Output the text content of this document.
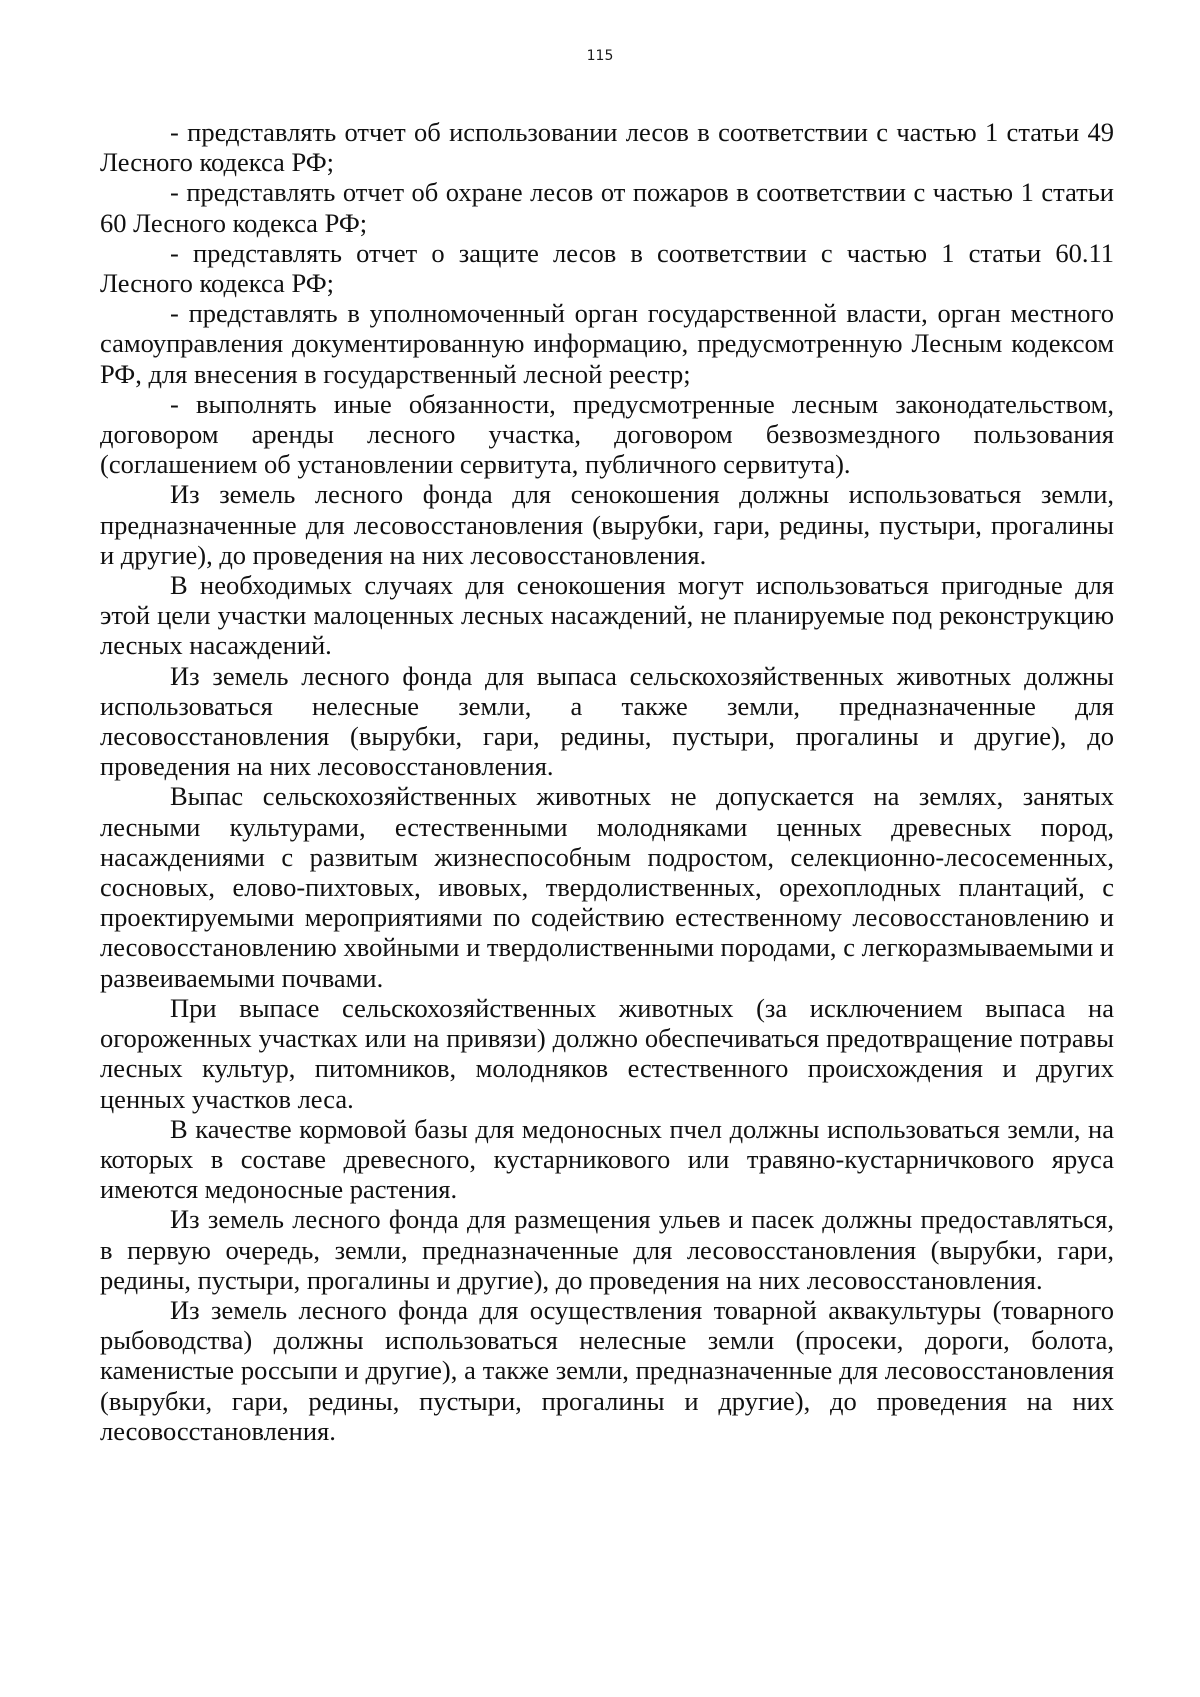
115

- представлять отчет об использовании лесов в соответствии с частью 1 статьи 49 Лесного кодекса РФ;

- представлять отчет об охране лесов от пожаров в соответствии с частью 1 статьи 60 Лесного кодекса РФ;

- представлять отчет о защите лесов в соответствии с частью 1 статьи 60.11 Лесного кодекса РФ;

- представлять в уполномоченный орган государственной власти, орган местного самоуправления документированную информацию, предусмотренную Лесным кодексом РФ, для внесения в государственный лесной реестр;

- выполнять иные обязанности, предусмотренные лесным законодательством, договором аренды лесного участка, договором безвозмездного пользования (соглашением об установлении сервитута, публичного сервитута).

Из земель лесного фонда для сенокошения должны использоваться земли, предназначенные для лесовосстановления (вырубки, гари, редины, пустыри, прогалины и другие), до проведения на них лесовосстановления.

В необходимых случаях для сенокошения могут использоваться пригодные для этой цели участки малоценных лесных насаждений, не планируемые под реконструкцию лесных насаждений.

Из земель лесного фонда для выпаса сельскохозяйственных животных должны использоваться нелесные земли, а также земли, предназначенные для лесовосстановления (вырубки, гари, редины, пустыри, прогалины и другие), до проведения на них лесовосстановления.

Выпас сельскохозяйственных животных не допускается на землях, занятых лесными культурами, естественными молодняками ценных древесных пород, насаждениями с развитым жизнеспособным подростом, селекционно-лесосеменных, сосновых, елово-пихтовых, ивовых, твердолиственных, орехоплодных плантаций, с проектируемыми мероприятиями по содействию естественному лесовосстановлению и лесовосстановлению хвойными и твердолиственными породами, с легкоразмываемыми и развеиваемыми почвами.

При выпасе сельскохозяйственных животных (за исключением выпаса на огороженных участках или на привязи) должно обеспечиваться предотвращение потравы лесных культур, питомников, молодняков естественного происхождения и других ценных участков леса.

В качестве кормовой базы для медоносных пчел должны использоваться земли, на которых в составе древесного, кустарникового или травяно-кустарничкового яруса имеются медоносные растения.

Из земель лесного фонда для размещения ульев и пасек должны предоставляться, в первую очередь, земли, предназначенные для лесовосстановления (вырубки, гари, редины, пустыри, прогалины и другие), до проведения на них лесовосстановления.

Из земель лесного фонда для осуществления товарной аквакультуры (товарного рыбоводства) должны использоваться нелесные земли (просеки, дороги, болота, каменистые россыпи и другие), а также земли, предназначенные для лесовосстановления (вырубки, гари, редины, пустыри, прогалины и другие), до проведения на них лесовосстановления.
